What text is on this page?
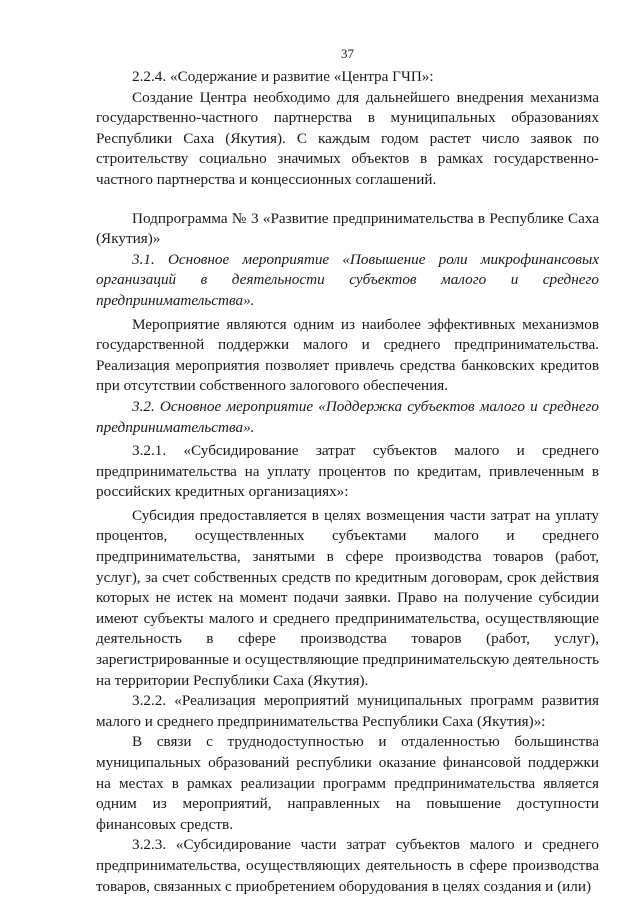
37

2.2.4. «Содержание и развитие «Центра ГЧП»:

Создание Центра необходимо для дальнейшего внедрения механизма государственно-частного партнерства в муниципальных образованиях Республики Саха (Якутия). С каждым годом растет число заявок по строительству социально значимых объектов в рамках государственно-частного партнерства и концессионных соглашений.

Подпрограмма № 3 «Развитие предпринимательства в Республике Саха (Якутия)»

3.1. Основное мероприятие «Повышение роли микрофинансовых организаций в деятельности субъектов малого и среднего предпринимательства».

Мероприятие являются одним из наиболее эффективных механизмов государственной поддержки малого и среднего предпринимательства. Реализация мероприятия позволяет привлечь средства банковских кредитов при отсутствии собственного залогового обеспечения.

3.2. Основное мероприятие «Поддержка субъектов малого и среднего предпринимательства».

3.2.1. «Субсидирование затрат субъектов малого и среднего предпринимательства на уплату процентов по кредитам, привлеченным в российских кредитных организациях»:

Субсидия предоставляется в целях возмещения части затрат на уплату процентов, осуществленных субъектами малого и среднего предпринимательства, занятыми в сфере производства товаров (работ, услуг), за счет собственных средств по кредитным договорам, срок действия которых не истек на момент подачи заявки. Право на получение субсидии имеют субъекты малого и среднего предпринимательства, осуществляющие деятельность в сфере производства товаров (работ, услуг), зарегистрированные и осуществляющие предпринимательскую деятельность на территории Республики Саха (Якутия).

3.2.2. «Реализация мероприятий муниципальных программ развития малого и среднего предпринимательства Республики Саха (Якутия)»:

В связи с труднодоступностью и отдаленностью большинства муниципальных образований республики оказание финансовой поддержки на местах в рамках реализации программ предпринимательства является одним из мероприятий, направленных на повышение доступности финансовых средств.

3.2.3. «Субсидирование части затрат субъектов малого и среднего предпринимательства, осуществляющих деятельность в сфере производства товаров, связанных с приобретением оборудования в целях создания и (или)
